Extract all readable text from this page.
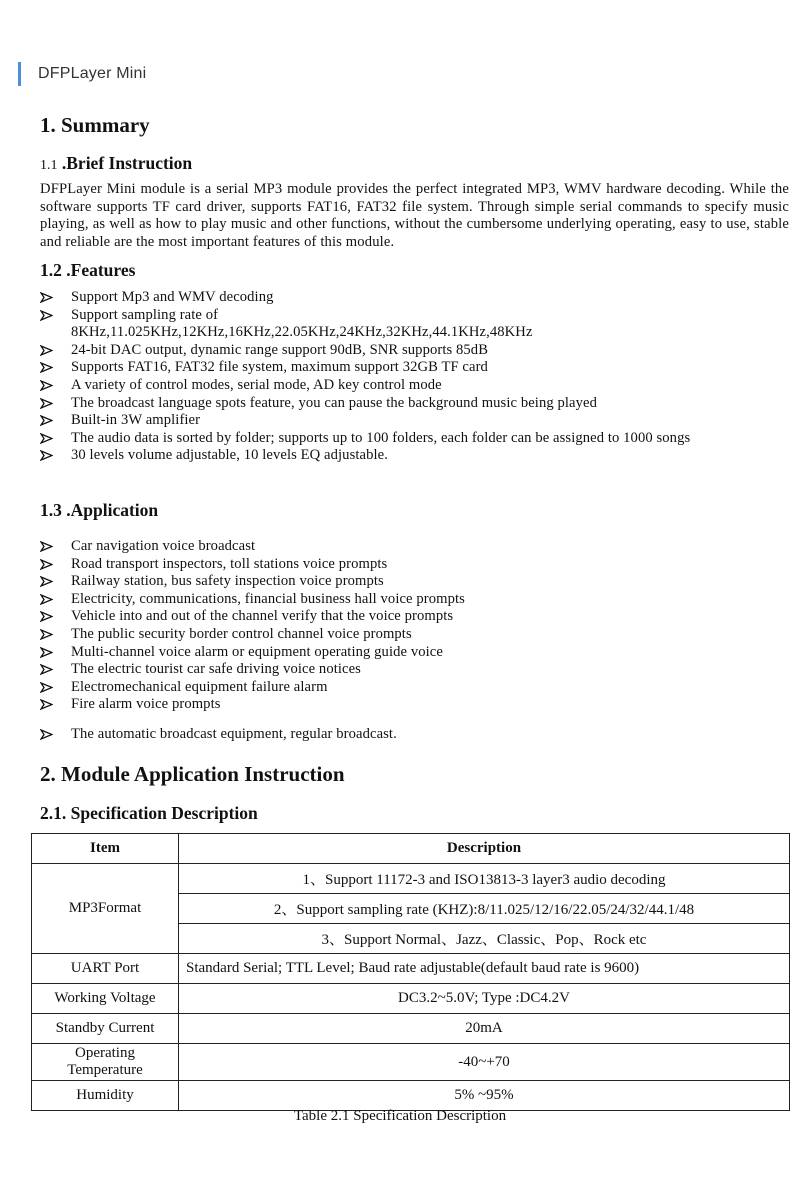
DFPLayer Mini
1. Summary
1.1 .Brief Instruction
DFPLayer Mini module is a serial MP3 module provides the perfect integrated MP3, WMV hardware decoding. While the software supports TF card driver, supports FAT16, FAT32 file system. Through simple serial commands to specify music playing, as well as how to play music and other functions, without the cumbersome underlying operating, easy to use, stable and reliable are the most important features of this module.
1.2 .Features
Support Mp3 and WMV decoding
Support sampling rate of
8KHz,11.025KHz,12KHz,16KHz,22.05KHz,24KHz,32KHz,44.1KHz,48KHz
24-bit DAC output, dynamic range support 90dB, SNR supports 85dB
Supports FAT16, FAT32 file system, maximum support 32GB TF card
A variety of control modes, serial mode, AD key control mode
The broadcast language spots feature, you can pause the background music being played
Built-in 3W amplifier
The audio data is sorted by folder; supports up to 100 folders, each folder can be assigned to 1000 songs
30 levels volume adjustable, 10 levels EQ adjustable.
1.3 .Application
Car navigation voice broadcast
Road transport inspectors, toll stations voice prompts
Railway station, bus safety inspection voice prompts
Electricity, communications, financial business hall voice prompts
Vehicle into and out of the channel verify that the voice prompts
The public security border control channel voice prompts
Multi-channel voice alarm or equipment operating guide voice
The electric tourist car safe driving voice notices
Electromechanical equipment failure alarm
Fire alarm voice prompts
The automatic broadcast equipment, regular broadcast.
2. Module Application Instruction
2.1. Specification Description
Item	Description
MP3Format	1、Support 11172-3 and ISO13813-3 layer3 audio decoding
	2、Support sampling rate (KHZ):8/11.025/12/16/22.05/24/32/44.1/48
	3、Support Normal、Jazz、Classic、Pop、Rock etc
UART Port	Standard Serial; TTL Level; Baud rate adjustable(default baud rate is 9600)
Working Voltage	DC3.2~5.0V; Type :DC4.2V
Standby Current	20mA
Operating
Temperature	-40~+70
Humidity	5% ~95%
Table 2.1 Specification Description
